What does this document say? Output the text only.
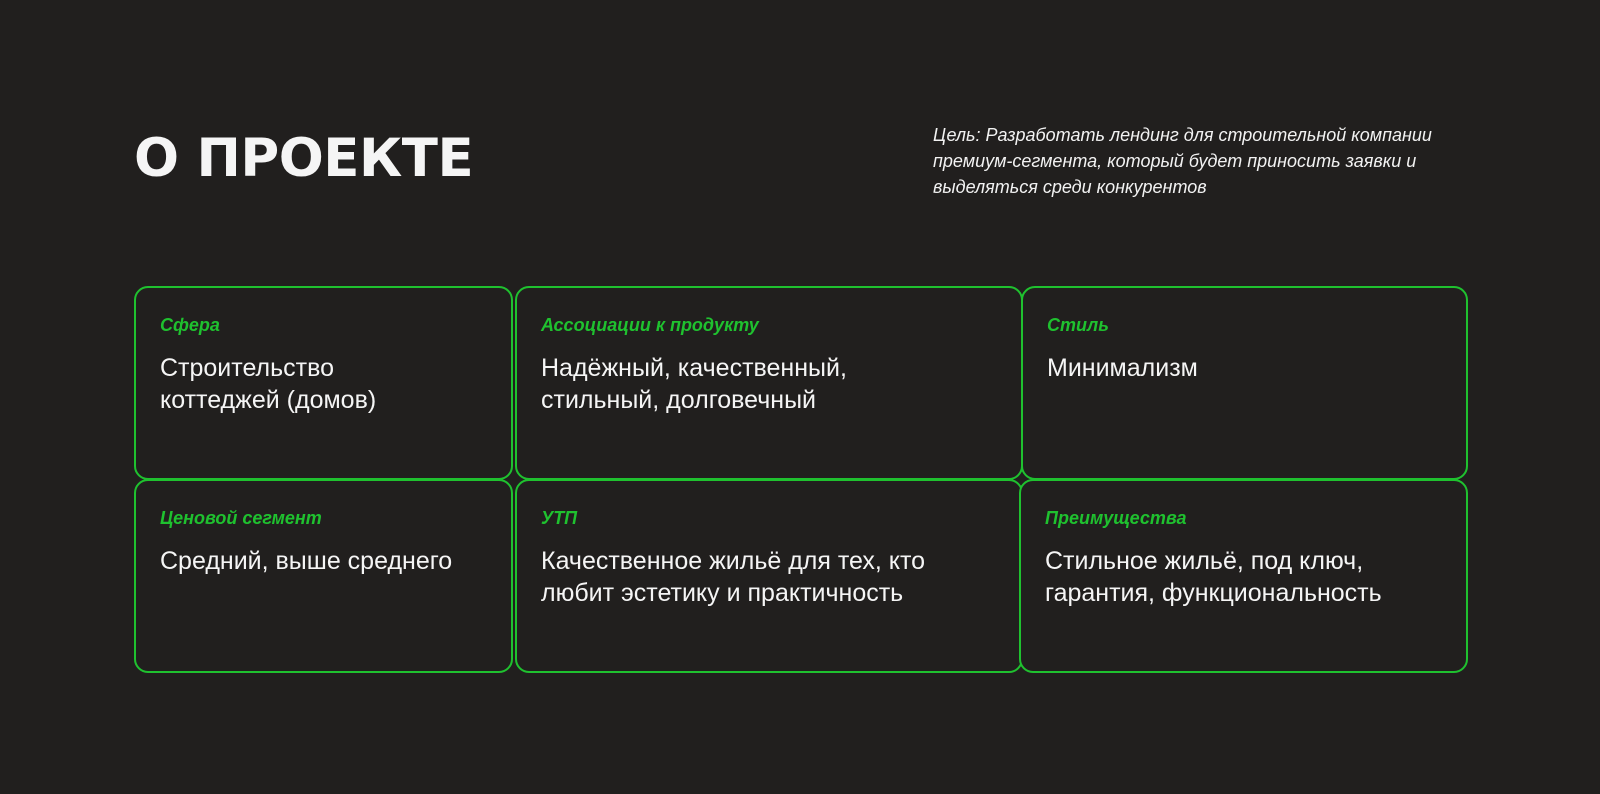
О ПРОЕКТЕ	Цель: Разработать лендинг для строительной компании
премиум-сегмента, который будет приносить заявки и
выделяться среди конкурентов

Сфера

Строительство
коттеджей (домов)

Ассоциации к продукту

Надёжный, качественный,
стильный, долговечный

Стиль

Минимализм

Ценовой сегмент

Средний, выше среднего

УТП

Качественное жильё для тех, кто
любит эстетику и практичность

Преимущества

Стильное жильё, под ключ,
гарантия, функциональность
